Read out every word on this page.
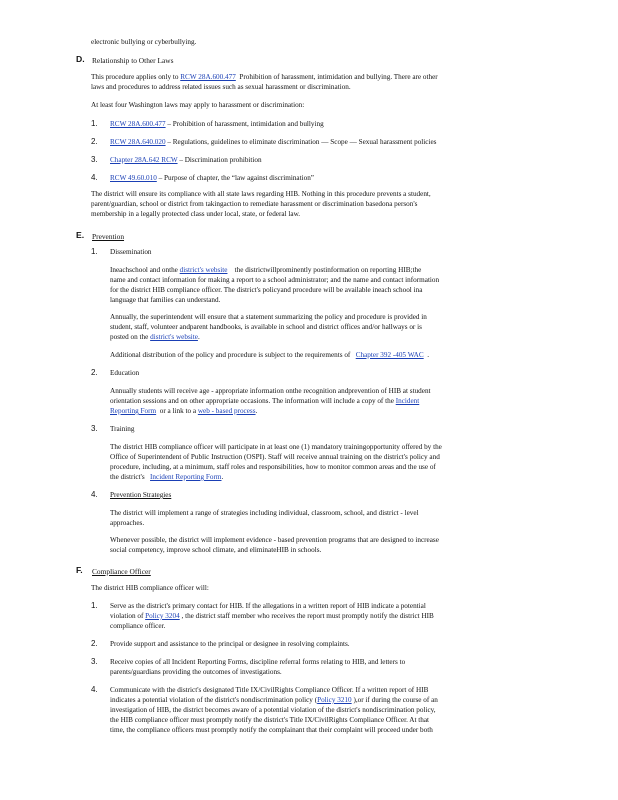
electronic bullying or cyberbullying.
D. Relationship to Other Laws
This procedure applies only to RCW 28A.600.477 Prohibition of harassment, intimidation and bullying. There are other
laws and procedures to address related issues such as sexual harassment or discrimination.
At least four Washington laws may apply to harassment or discrimination:
1. RCW 28A.600.477 – Prohibition of harassment, intimidation and bullying
2. RCW 28A.640.020 – Regulations, guidelines to eliminate discrimination — Scope — Sexual harassment policies
3. Chapter 28A.642 RCW – Discrimination prohibition
4. RCW 49.60.010 – Purpose of chapter, the “law against discrimination”
The district will ensure its compliance with all state laws regarding HIB. Nothing in this procedure prevents a student,
parent/guardian, school or district from takingaction to remediate harassment or discrimination basedona person's
membership in a legally protected class under local, state, or federal law.
E. Prevention
1. Dissemination
Ineachschool and onthe district's website the districtwillprominently postinformation on reporting HIB;the
name and contact information for making a report to a school administrator; and the name and contact information
for the district HIB compliance officer. The district's policyand procedure will be available ineach school ina
language that families can understand.
Annually, the superintendent will ensure that a statement summarizing the policy and procedure is provided in
student, staff, volunteer andparent handbooks, is available in school and district offices and/or hallways or is
posted on the district's website.
Additional distribution of the policy and procedure is subject to the requirements of Chapter 392 -405 WAC .
2. Education
Annually students will receive age - appropriate information onthe recognition andprevention of HIB at student
orientation sessions and on other appropriate occasions. The information will include a copy of the Incident
Reporting Form or a link to a web - based process.
3. Training
The district HIB compliance officer will participate in at least one (1) mandatory trainingopportunity offered by the
Office of Superintendent of Public Instruction (OSPI). Staff will receive annual training on the district's policy and
procedure, including, at a minimum, staff roles and responsibilities, how to monitor common areas and the use of
the district's Incident Reporting Form.
4. Prevention Strategies
The district will implement a range of strategies including individual, classroom, school, and district - level
approaches.
Whenever possible, the district will implement evidence - based prevention programs that are designed to increase
social competency, improve school climate, and eliminateHIB in schools.
F. Compliance Officer
The district HIB compliance officer will:
1. Serve as the district's primary contact for HIB. If the allegations in a written report of HIB indicate a potential
violation of Policy 3204 , the district staff member who receives the report must promptly notify the district HIB
compliance officer.
2. Provide support and assistance to the principal or designee in resolving complaints.
3. Receive copies of all Incident Reporting Forms, discipline referral forms relating to HIB, and letters to
parents/guardians providing the outcomes of investigations.
4. Communicate with the district's designated Title IX/CivilRights Compliance Officer. If a written report of HIB
indicates a potential violation of the district's nondiscrimination policy (Policy 3210 ),or if during the course of an
investigation of HIB, the district becomes aware of a potential violation of the district's nondiscrimination policy,
the HIB compliance officer must promptly notify the district's Title IX/CivilRights Compliance Officer. At that
time, the compliance officers must promptly notify the complainant that their complaint will proceed under both
